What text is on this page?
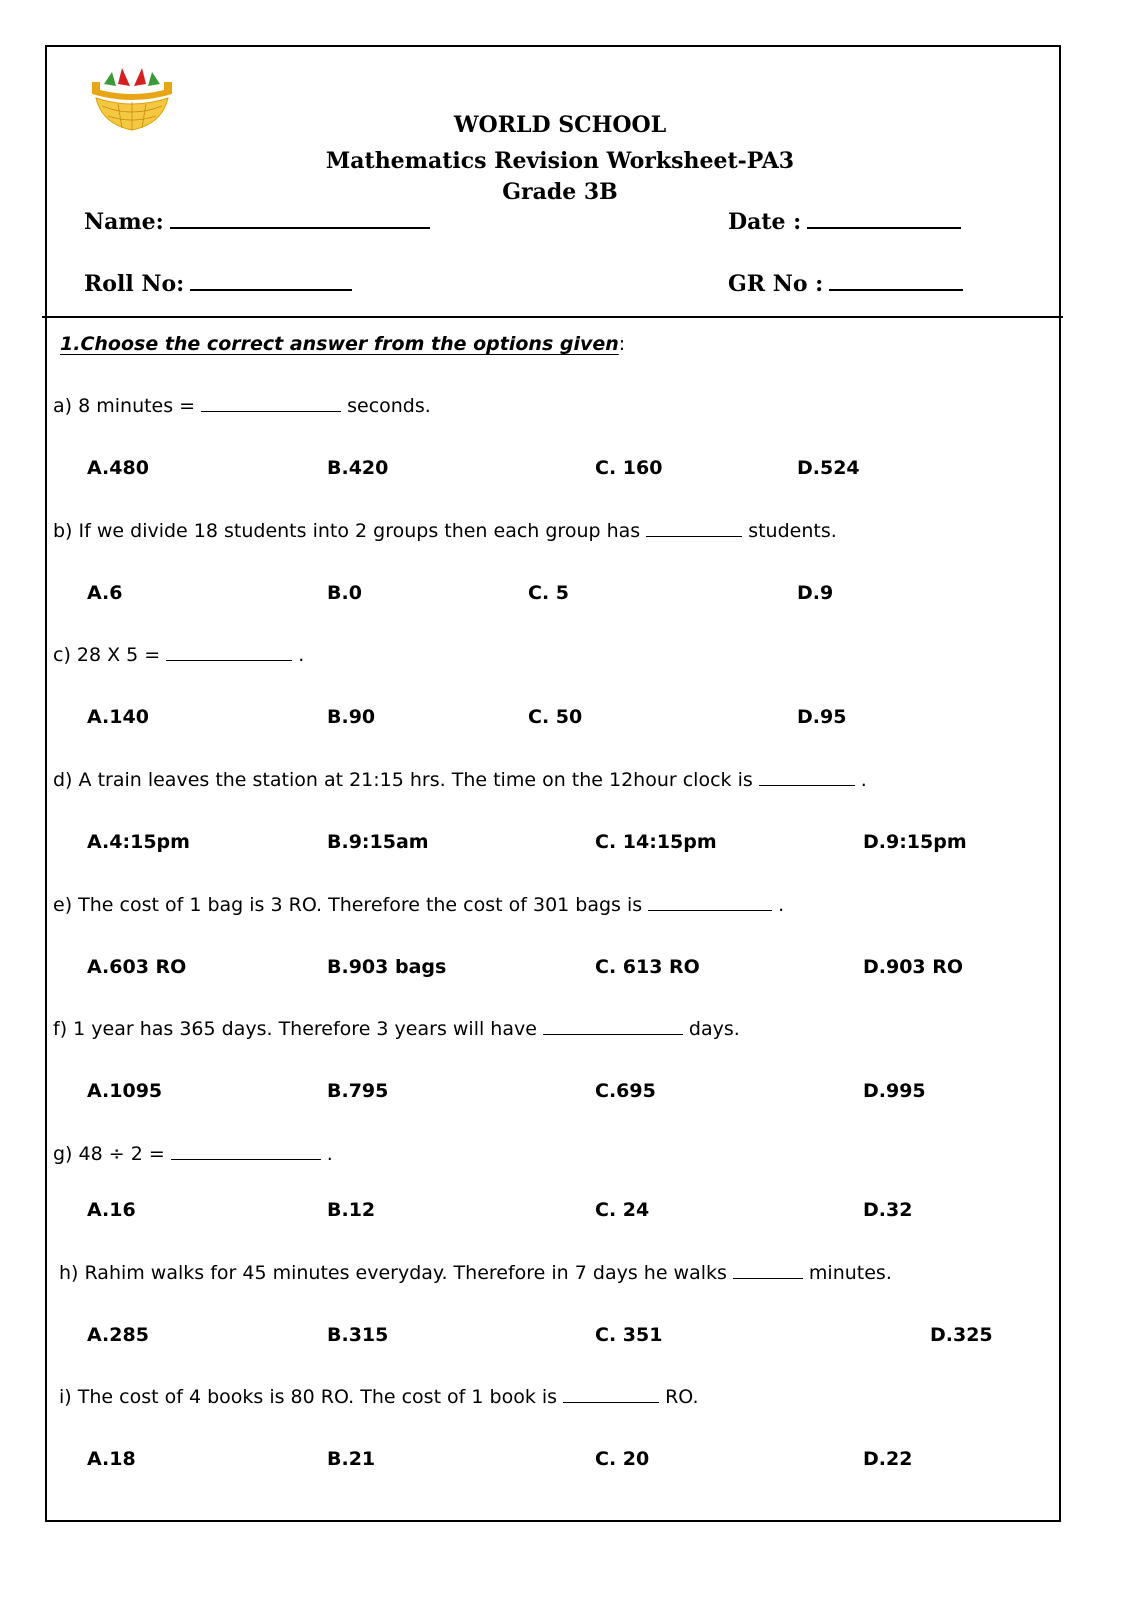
WORLD SCHOOL
Mathematics Revision Worksheet-PA3
Grade 3B
Name:	Date :
Roll No:	GR No :
1.Choose the correct answer from the options given:
a) 8 minutes =	seconds.
A.480	B.420	C. 160	D.524
b) If we divide 18 students into 2 groups then each group has	students.
A.6	B.0	C. 5	D.9
c) 28 X 5 =	.
A.140	B.90	C. 50	D.95
d) A train leaves the station at 21:15 hrs. The time on the 12hour clock is	.
A.4:15pm	B.9:15am	C. 14:15pm	D.9:15pm
e) The cost of 1 bag is 3 RO. Therefore the cost of 301 bags is	.
A.603 RO	B.903 bags	C. 613 RO	D.903 RO
f) 1 year has 365 days. Therefore 3 years will have	days.
A.1095	B.795	C.695	D.995
g) 48 ÷ 2 =	.
A.16	B.12	C. 24	D.32
h) Rahim walks for 45 minutes everyday. Therefore in 7 days he walks	minutes.
A.285	B.315	C. 351	D.325
i) The cost of 4 books is 80 RO. The cost of 1 book is	RO.
A.18	B.21	C. 20	D.22
